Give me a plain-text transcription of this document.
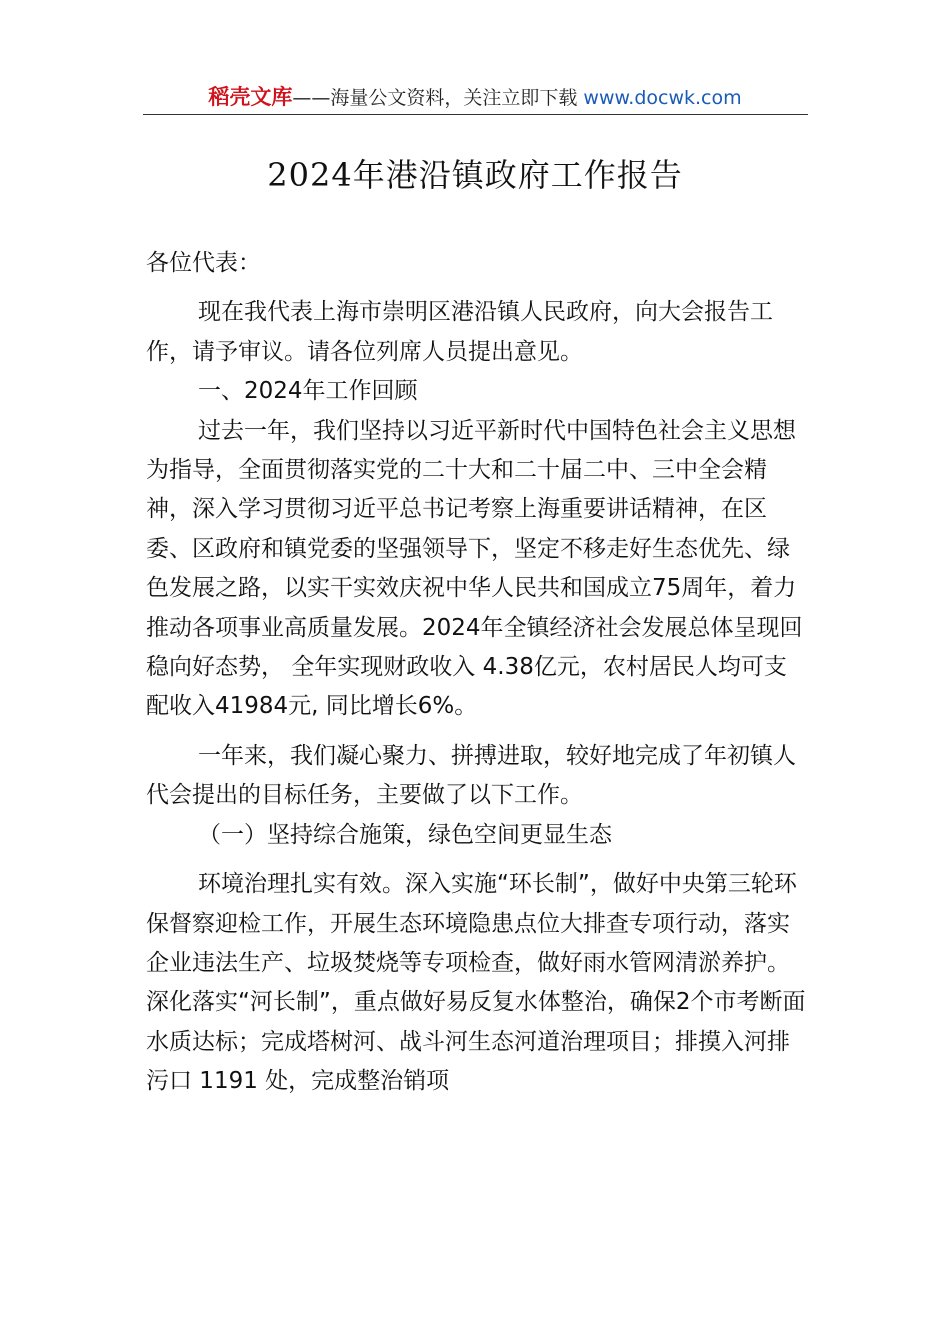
稻壳文库——海量公文资料，关注立即下载 www.docwk.com
2024年港沿镇政府工作报告

各位代表：

现在我代表上海市崇明区港沿镇人民政府，向大会报告工作，请予审议。请各位列席人员提出意见。

一、2024年工作回顾

过去一年，我们坚持以习近平新时代中国特色社会主义思想为指导，全面贯彻落实党的二十大和二十届二中、三中全会精神，深入学习贯彻习近平总书记考察上海重要讲话精神，在区委、区政府和镇党委的坚强领导下，坚定不移走好生态优先、绿色发展之路，以实干实效庆祝中华人民共和国成立75周年，着力推动各项事业高质量发展。2024年全镇经济社会发展总体呈现回稳向好态势， 全年实现财政收入 4.38亿元，农村居民人均可支配收入41984元, 同比增长6%。

一年来，我们凝心聚力、拼搏进取，较好地完成了年初镇人代会提出的目标任务，主要做了以下工作。

（一）坚持综合施策，绿色空间更显生态

环境治理扎实有效。深入实施“环长制”，做好中央第三轮环保督察迎检工作，开展生态环境隐患点位大排查专项行动，落实企业违法生产、垃圾焚烧等专项检查，做好雨水管网清淤养护。深化落实“河长制”，重点做好易反复水体整治，确保2个市考断面水质达标；完成塔树河、战斗河生态河道治理项目；排摸入河排污口 1191 处，完成整治销项
